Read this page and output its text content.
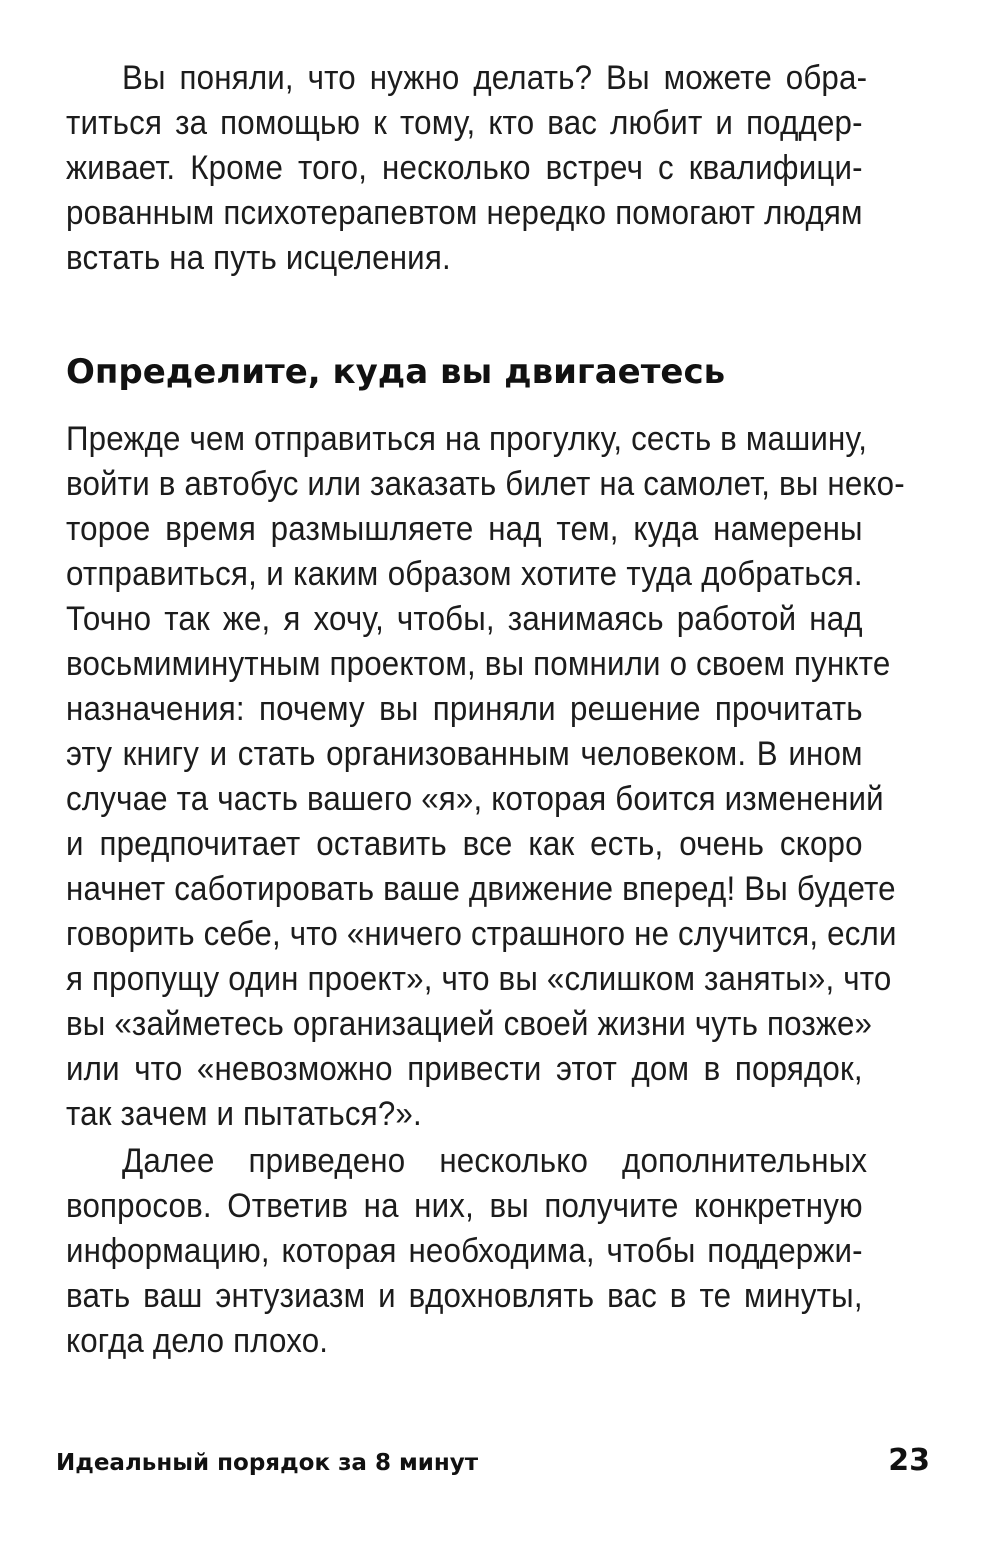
Вы поняли, что нужно делать? Вы можете обра-
титься за помощью к тому, кто вас любит и поддер-
живает. Кроме того, несколько встреч с квалифици-
рованным психотерапевтом нередко помогают людям
встать на путь исцеления.
Определите, куда вы двигаетесь
Прежде чем отправиться на прогулку, сесть в машину,
войти в автобус или заказать билет на самолет, вы неко-
торое время размышляете над тем, куда намерены
отправиться, и каким образом хотите туда добраться.
Точно так же, я хочу, чтобы, занимаясь работой над
восьмиминутным проектом, вы помнили о своем пункте
назначения: почему вы приняли решение прочитать
эту книгу и стать организованным человеком. В ином
случае та часть вашего «я», которая боится изменений
и предпочитает оставить все как есть, очень скоро
начнет саботировать ваше движение вперед! Вы будете
говорить себе, что «ничего страшного не случится, если
я пропущу один проект», что вы «слишком заняты», что
вы «займетесь организацией своей жизни чуть позже»
или что «невозможно привести этот дом в порядок,
так зачем и пытаться?».
Далее приведено несколько дополнительных
вопросов. Ответив на них, вы получите конкретную
информацию, которая необходима, чтобы поддержи-
вать ваш энтузиазм и вдохновлять вас в те минуты,
когда дело плохо.
Идеальный порядок за 8 минут	23
